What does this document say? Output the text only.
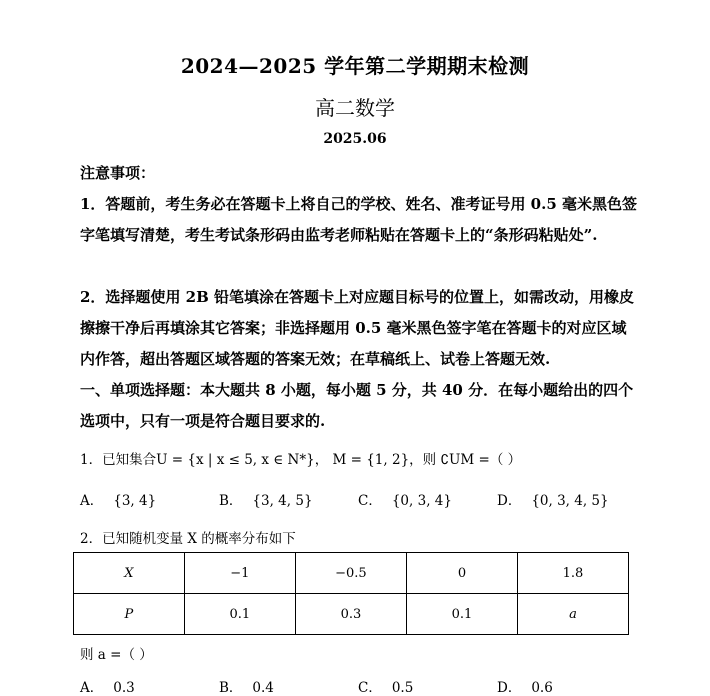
2024—2025 学年第二学期期末检测
高二数学
2025.06
注意事项：
1．答题前，考生务必在答题卡上将自己的学校、姓名、准考证号用 0.5 毫米黑色签字笔填写清楚，考生考试条形码由监考老师粘贴在答题卡上的“条形码粘贴处”.
2．选择题使用 2B 铅笔填涂在答题卡上对应题目标号的位置上，如需改动，用橡皮擦擦干净后再填涂其它答案；非选择题用 0.5 毫米黑色签字笔在答题卡的对应区域内作答，超出答题区域答题的答案无效；在草稿纸上、试卷上答题无效.
一、单项选择题：本大题共 8 小题，每小题 5 分，共 40 分．在每小题给出的四个选项中，只有一项是符合题目要求的.
1．已知集合U = {x | x ≤ 5, x ∈ N*}， M = {1, 2}，则 ∁UM =（ ）
A． {3, 4}	B． {3, 4, 5}	C． {0, 3, 4}	D． {0, 3, 4, 5}
2．已知随机变量 X 的概率分布如下
X	−1	−0.5	0	1.8
P	0.1	0.3	0.1	a
则 a =（ ）
A． 0.3	B． 0.4	C． 0.5	D． 0.6
